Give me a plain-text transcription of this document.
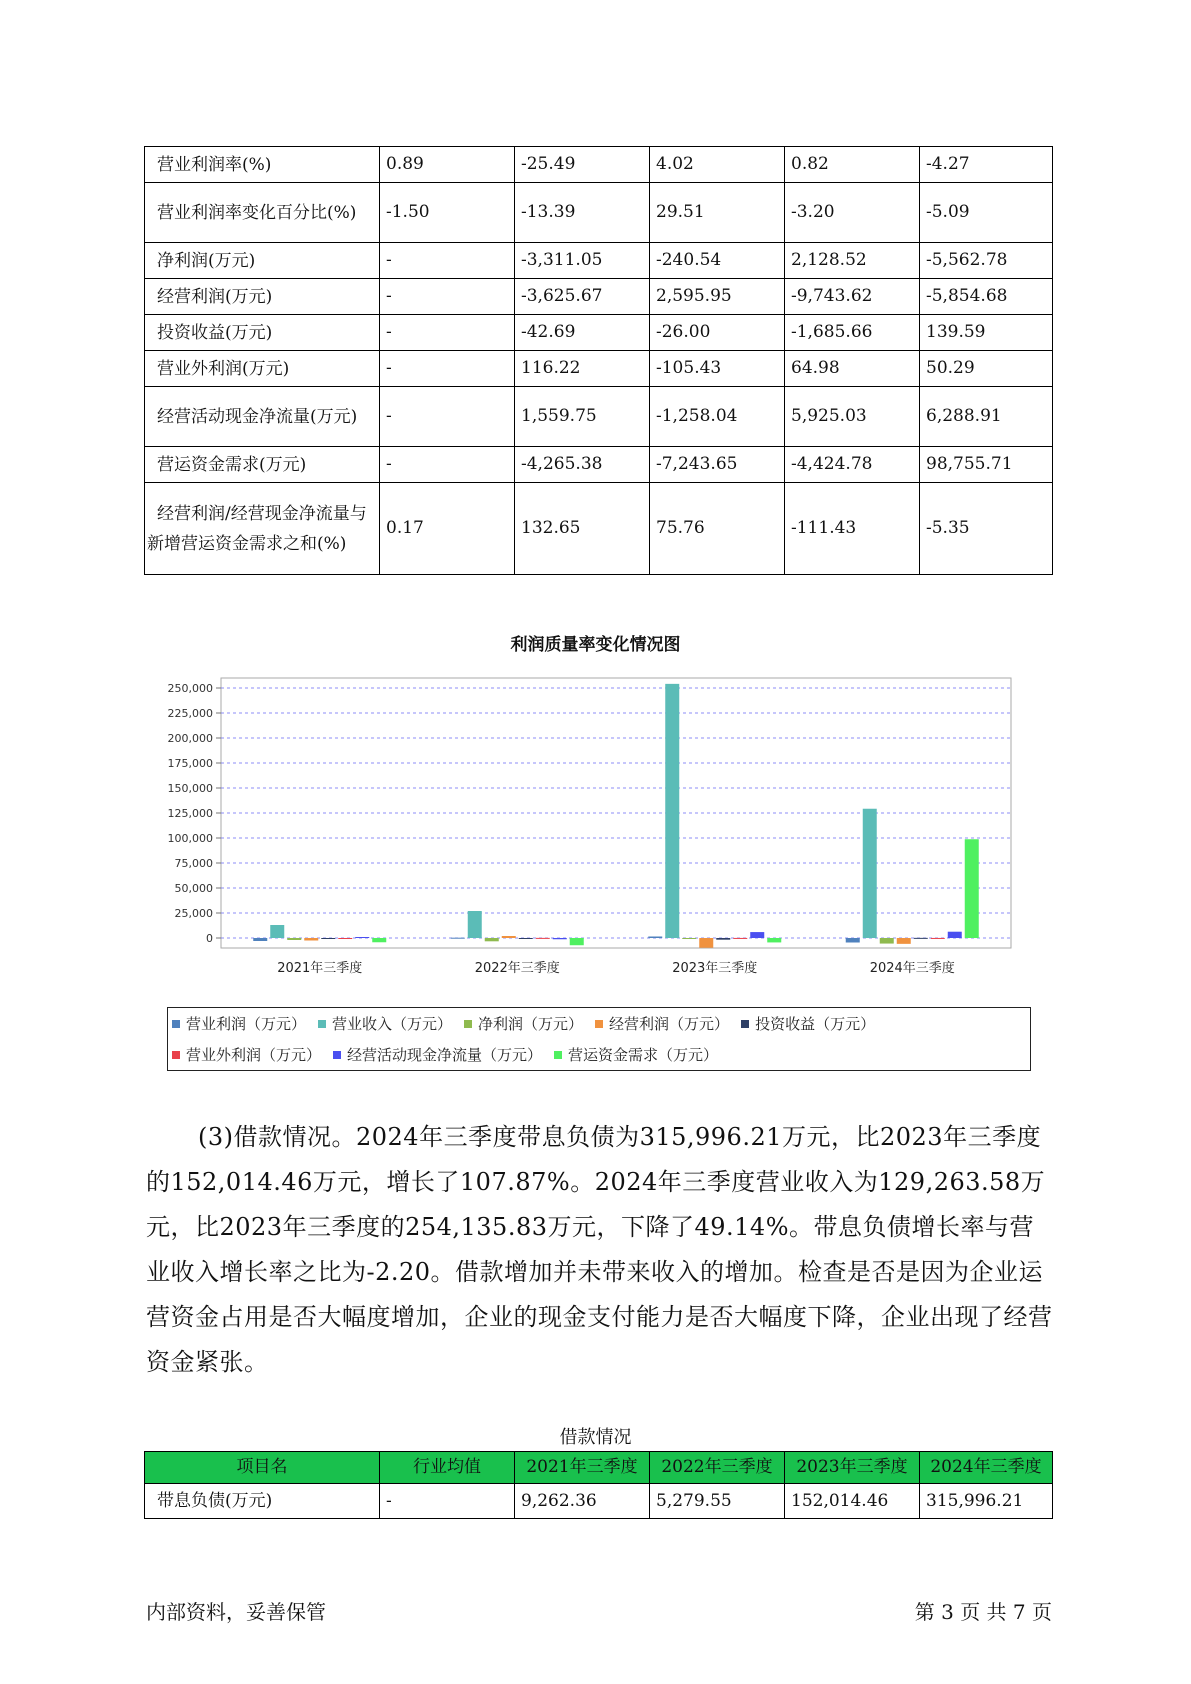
营业利润率(%)	0.89	-25.49	4.02	0.82	-4.27
营业利润率变化百分比(%)	-1.50	-13.39	29.51	-3.20	-5.09
净利润(万元)	-	-3,311.05	-240.54	2,128.52	-5,562.78
经营利润(万元)	-	-3,625.67	2,595.95	-9,743.62	-5,854.68
投资收益(万元)	-	-42.69	-26.00	-1,685.66	139.59
营业外利润(万元)	-	116.22	-105.43	64.98	50.29
经营活动现金净流量(万元)	-	1,559.75	-1,258.04	5,925.03	6,288.91
营运资金需求(万元)	-	-4,265.38	-7,243.65	-4,424.78	98,755.71
经营利润/经营现金净流量与新增营运资金需求之和(%)	0.17	132.65	75.76	-111.43	-5.35
利润质量率变化情况图
0
25,000
50,000
75,000
100,000
125,000
150,000
175,000
200,000
225,000
250,000
2021年三季度	2022年三季度	2023年三季度	2024年三季度
营业利润（万元） 营业收入（万元） 净利润（万元） 经营利润（万元） 投资收益（万元）
营业外利润（万元） 经营活动现金净流量（万元） 营运资金需求（万元）

(3)借款情况。2024年三季度带息负债为315,996.21万元，比2023年三季度的152,014.46万元，增长了107.87%。2024年三季度营业收入为129,263.58万元，比2023年三季度的254,135.83万元，下降了49.14%。带息负债增长率与营业收入增长率之比为-2.20。借款增加并未带来收入的增加。检查是否是因为企业运营资金占用是否大幅度增加，企业的现金支付能力是否大幅度下降，企业出现了经营资金紧张。

借款情况
项目名	行业均值	2021年三季度	2022年三季度	2023年三季度	2024年三季度
带息负债(万元)	-	9,262.36	5,279.55	152,014.46	315,996.21
内部资料，妥善保管	第 3 页 共 7 页
